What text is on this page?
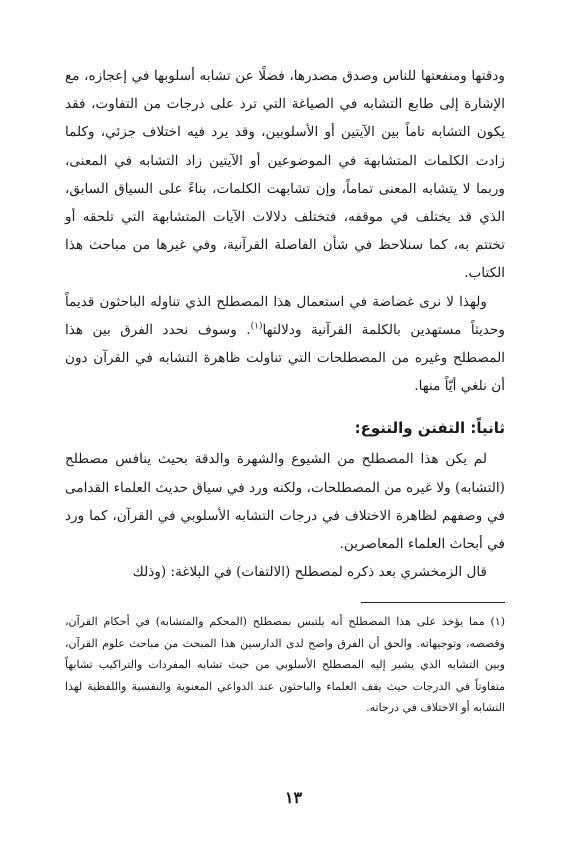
ودقتها ومنفعتها للناس وصدق مصدرها، فضلًا عن تشابه أسلوبها في إعجازه، مع الإشارة إلى طابع التشابه في الصياغة التي ترد على درجات من التفاوت، فقد يكون التشابه تاماً بين الآيتين أو الأسلوبين، وقد يرد فيه اختلاف جزئي، وكلما زادت الكلمات المتشابهة في الموضوعين أو الآيتين زاد التشابه في المعنى، وربما لا يتشابه المعنى تماماً، وإن تشابهت الكلمات، بناءً على السياق السابق، الذي قد يختلف في موقفه، فتختلف دلالات الآيات المتشابهة التي تلحقه أو تختتم به، كما سنلاحظ في شأن الفاصلة القرآنية، وفي غيرها من مباحث هذا الكتاب.

ولهذا لا نرى غضاضة في استعمال هذا المصطلح الذي تناوله الباحثون قديماً وحديثاً مستهدين بالكلمة القرآنية ودلالتها$^{(١)}$. وسوف نحدد الفرق بين هذا المصطلح وغيره من المصطلحات التي تناولت ظاهرة التشابه في القرآن دون أن نلغي أيّاً منها.

ثانياً: التفنن والتنوع:

لم يكن هذا المصطلح من الشيوع والشهرة والدقة بحيث ينافس مصطلح (التشابه) ولا غيره من المصطلحات، ولكنه ورد في سياق حديث العلماء القدامى في وصفهم لظاهرة الاختلاف في درجات التشابه الأسلوبي في القرآن، كما ورد في أبحاث العلماء المعاصرين.

قال الزمخشري بعد ذكره لمصطلح (الالتفات) في البلاغة: (وذلك

(١) مما يؤخذ على هذا المصطلح أنه يلتبس بمصطلح (المحكم والمتشابه) في أحكام القرآن، وقصصه، وتوجيهاته. والحق أن الفرق واضح لدى الدارسين هذا المبحث من مباحث علوم القرآن، وبين التشابه الذي يشير إليه المصطلح الأسلوبي من حيث تشابه المفردات والتراكيب تشابهاً متفاوتاً في الدرجات حيث يقف العلماء والباحثون عند الدواعي المعنوية والنفسية واللفظية لهذا التشابه أو الاختلاف في درجاته.

١٣
